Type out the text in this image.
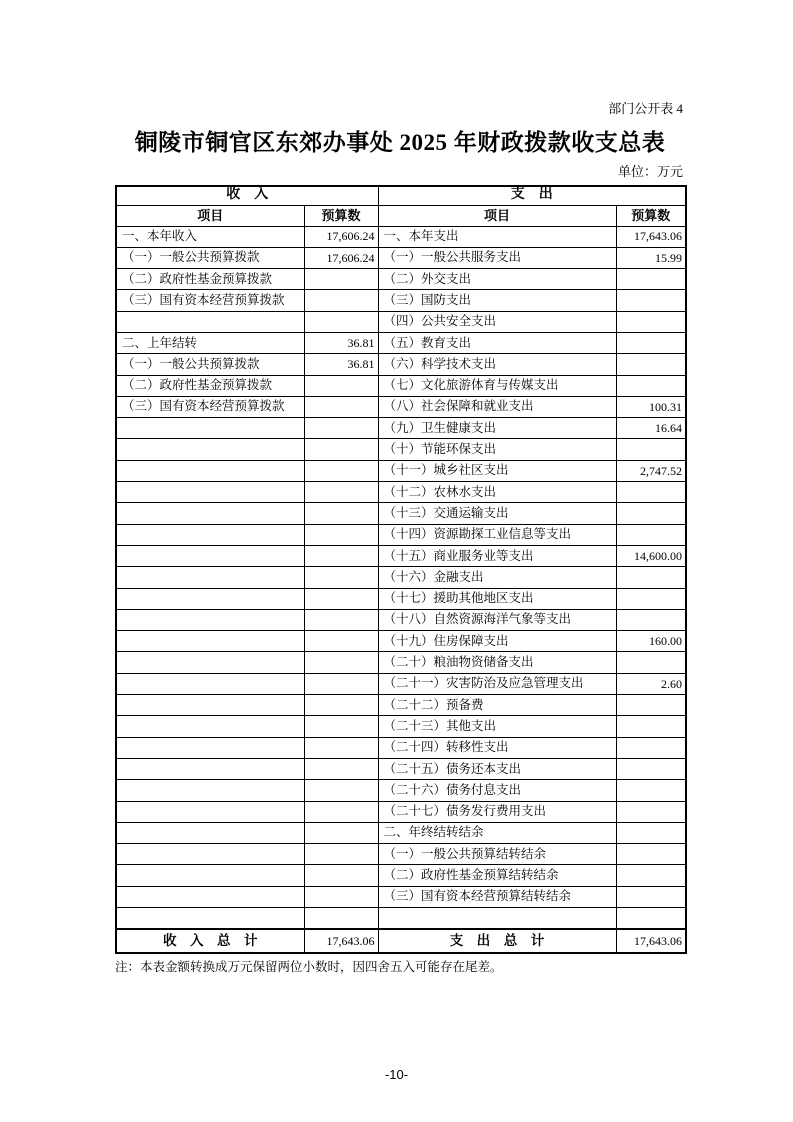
部门公开表 4
铜陵市铜官区东郊办事处 2025 年财政拨款收支总表
单位：万元
收　入		支　出	
项目	预算数	项目	预算数
一、本年收入	17,606.24	一、本年支出	17,643.06
（一）一般公共预算拨款	17,606.24	（一）一般公共服务支出	15.99
（二）政府性基金预算拨款		（二）外交支出	
（三）国有资本经营预算拨款		（三）国防支出	
		（四）公共安全支出	
二、上年结转	36.81	（五）教育支出	
（一）一般公共预算拨款	36.81	（六）科学技术支出	
（二）政府性基金预算拨款		（七）文化旅游体育与传媒支出	
（三）国有资本经营预算拨款		（八）社会保障和就业支出	100.31
		（九）卫生健康支出	16.64
		（十）节能环保支出	
		（十一）城乡社区支出	2,747.52
		（十二）农林水支出	
		（十三）交通运输支出	
		（十四）资源勘探工业信息等支出	
		（十五）商业服务业等支出	14,600.00
		（十六）金融支出	
		（十七）援助其他地区支出	
		（十八）自然资源海洋气象等支出	
		（十九）住房保障支出	160.00
		（二十）粮油物资储备支出	
		（二十一）灾害防治及应急管理支出	2.60
		（二十二）预备费	
		（二十三）其他支出	
		（二十四）转移性支出	
		（二十五）债务还本支出	
		（二十六）债务付息支出	
		（二十七）债务发行费用支出	
		二、年终结转结余	
		（一）一般公共预算结转结余	
		（二）政府性基金预算结转结余	
		（三）国有资本经营预算结转结余	

收　入　总　计	17,643.06	支　出　总　计	17,643.06
注：本表金额转换成万元保留两位小数时，因四舍五入可能存在尾差。
-10-
